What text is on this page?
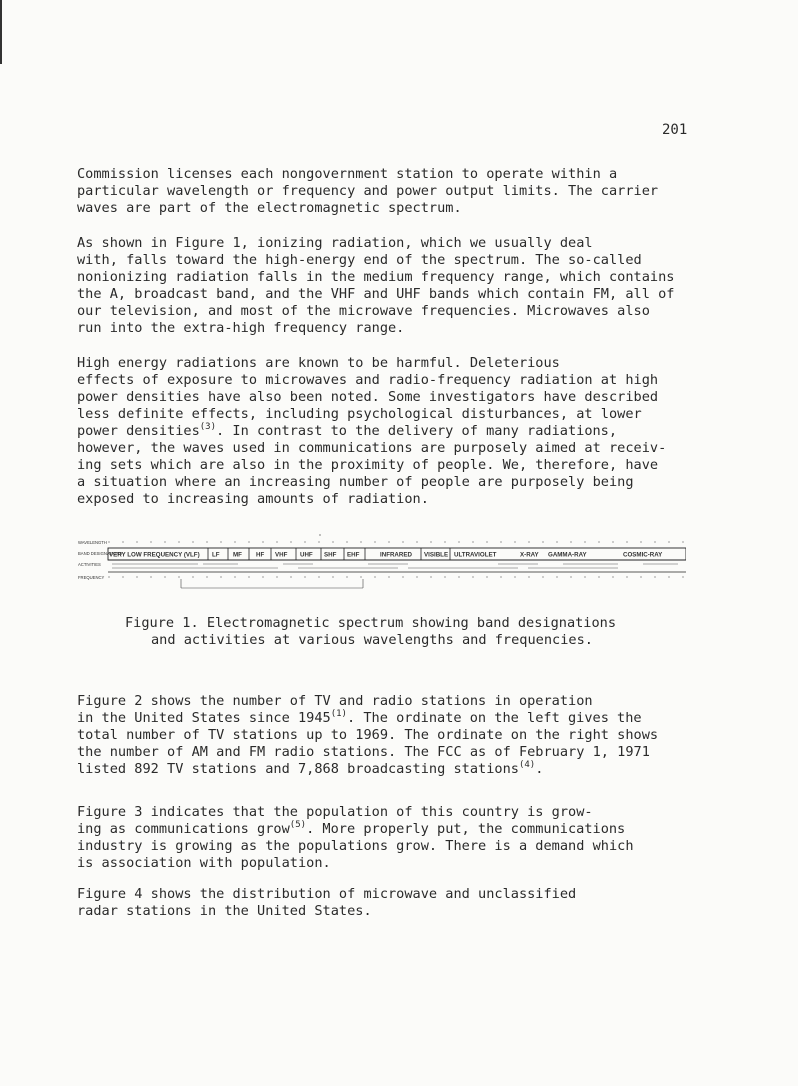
201

Commission licenses each nongovernment station to operate within a
particular wavelength or frequency and power output limits. The carrier
waves are part of the electromagnetic spectrum.

As shown in Figure 1, ionizing radiation, which we usually deal
with, falls toward the high-energy end of the spectrum. The so-called
nonionizing radiation falls in the medium frequency range, which contains
the A, broadcast band, and the VHF and UHF bands which contain FM, all of
our television, and most of the microwave frequencies. Microwaves also
run into the extra-high frequency range.

High energy radiations are known to be harmful. Deleterious
effects of exposure to microwaves and radio-frequency radiation at high
power densities have also been noted. Some investigators have described
less definite effects, including psychological disturbances, at lower
power densities$^{(3)}$. In contrast to the delivery of many radiations,
however, the waves used in communications are purposely aimed at receiv-
ing sets which are also in the proximity of people. We, therefore, have
a situation where an increasing number of people are purposely being
exposed to increasing amounts of radiation.

WAVELENGTH
BAND DESIGNATIONS
ACTIVITIES
FREQUENCY
VERY LOW FREQUENCY (VLF) LF MF HF VHF UHF SHF EHF	INFRARED VISIBLE ULTRAVIOLET	X-RAY GAMMA-RAY	COSMIC-RAY

Figure 1. Electromagnetic spectrum showing band designations
and activities at various wavelengths and frequencies.

Figure 2 shows the number of TV and radio stations in operation
in the United States since 1945$^{(1)}$. The ordinate on the left gives the
total number of TV stations up to 1969. The ordinate on the right shows
the number of AM and FM radio stations. The FCC as of February 1, 1971
listed 892 TV stations and 7,868 broadcasting stations$^{(4)}$.

Figure 3 indicates that the population of this country is grow-
ing as communications grow$^{(5)}$. More properly put, the communications
industry is growing as the populations grow. There is a demand which
is association with population.

Figure 4 shows the distribution of microwave and unclassified
radar stations in the United States.
